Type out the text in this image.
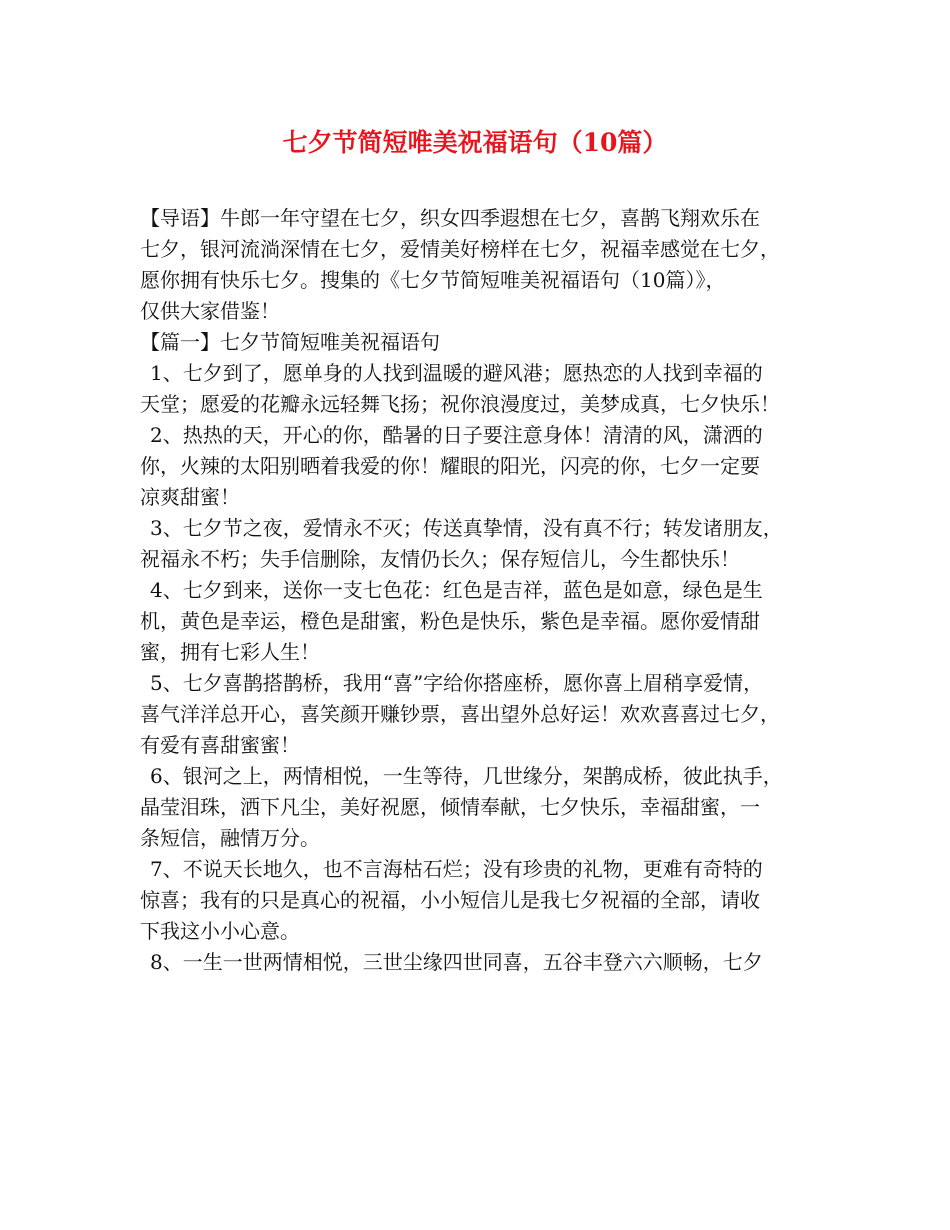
七夕节简短唯美祝福语句（10篇）
【导语】牛郎一年守望在七夕，织女四季遐想在七夕，喜鹊飞翔欢乐在
七夕，银河流淌深情在七夕，爱情美好榜样在七夕，祝福幸感觉在七夕，
愿你拥有快乐七夕。搜集的《七夕节简短唯美祝福语句（10篇）》，
仅供大家借鉴！
【篇一】七夕节简短唯美祝福语句
1、七夕到了，愿单身的人找到温暖的避风港；愿热恋的人找到幸福的
天堂；愿爱的花瓣永远轻舞飞扬；祝你浪漫度过，美梦成真，七夕快乐！
2、热热的天，开心的你，酷暑的日子要注意身体！清清的风，潇洒的
你，火辣的太阳别晒着我爱的你！耀眼的阳光，闪亮的你，七夕一定要
凉爽甜蜜！
3、七夕节之夜，爱情永不灭；传送真挚情，没有真不行；转发诸朋友，
祝福永不朽；失手信删除，友情仍长久；保存短信儿，今生都快乐！
4、七夕到来，送你一支七色花：红色是吉祥，蓝色是如意，绿色是生
机，黄色是幸运，橙色是甜蜜，粉色是快乐，紫色是幸福。愿你爱情甜
蜜，拥有七彩人生！
5、七夕喜鹊搭鹊桥，我用“喜”字给你搭座桥，愿你喜上眉稍享爱情，
喜气洋洋总开心，喜笑颜开赚钞票，喜出望外总好运！欢欢喜喜过七夕，
有爱有喜甜蜜蜜！
6、银河之上，两情相悦，一生等待，几世缘分，架鹊成桥，彼此执手，
晶莹泪珠，洒下凡尘，美好祝愿，倾情奉献，七夕快乐，幸福甜蜜，一
条短信，融情万分。
7、不说天长地久，也不言海枯石烂；没有珍贵的礼物，更难有奇特的
惊喜；我有的只是真心的祝福，小小短信儿是我七夕祝福的全部，请收
下我这小小心意。
8、一生一世两情相悦，三世尘缘四世同喜，五谷丰登六六顺畅，七夕
